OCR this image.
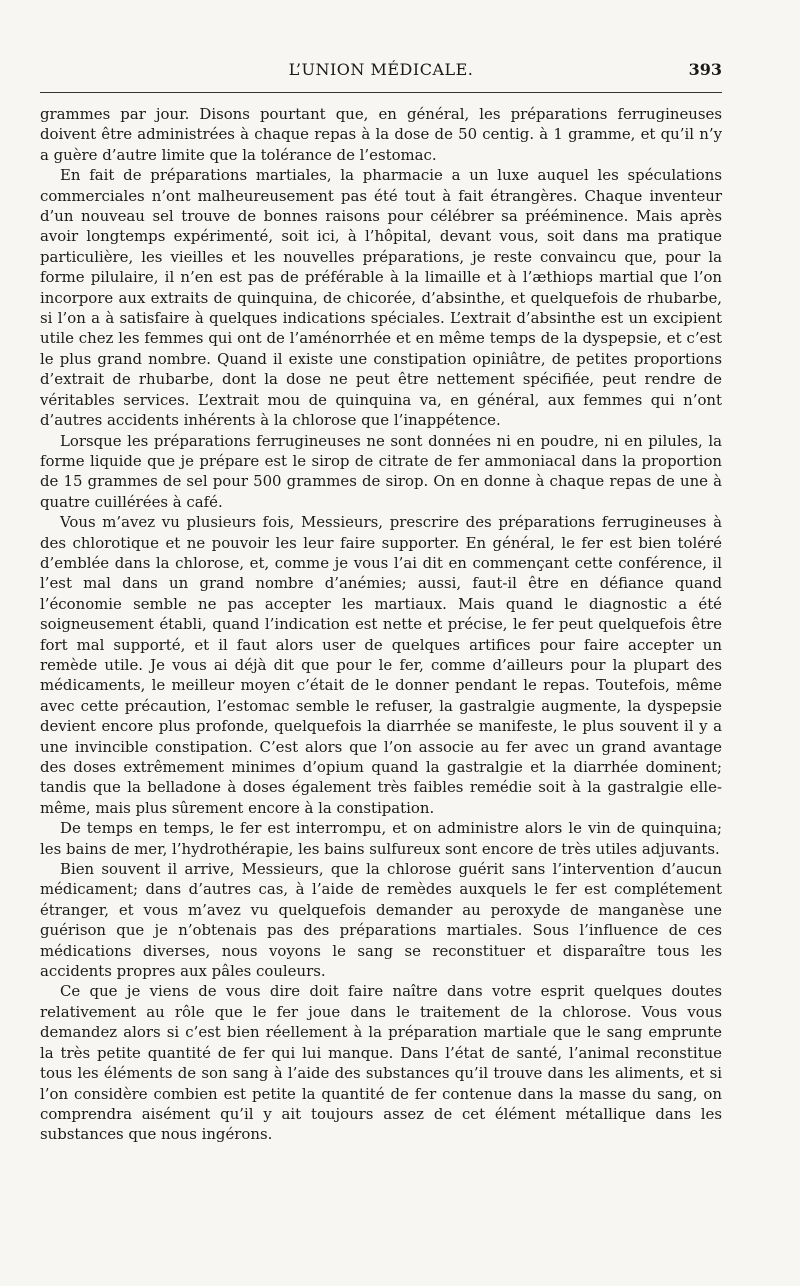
L’UNION MÉDICALE.	393

grammes par jour. Disons pourtant que, en général, les préparations ferrugineuses doivent être administrées à chaque repas à la dose de 50 centig. à 1 gramme, et qu’il n’y a guère d’autre limite que la tolérance de l’estomac.

En fait de préparations martiales, la pharmacie a un luxe auquel les spéculations commerciales n’ont malheureusement pas été tout à fait étrangères. Chaque inventeur d’un nouveau sel trouve de bonnes raisons pour célébrer sa prééminence. Mais après avoir longtemps expérimenté, soit ici, à l’hôpital, devant vous, soit dans ma pratique particulière, les vieilles et les nouvelles préparations, je reste convaincu que, pour la forme pilulaire, il n’en est pas de préférable à la limaille et à l’æthiops martial que l’on incorpore aux extraits de quinquina, de chicorée, d’absinthe, et quelquefois de rhubarbe, si l’on a à satisfaire à quelques indications spéciales. L’extrait d’absinthe est un excipient utile chez les femmes qui ont de l’aménorrhée et en même temps de la dyspepsie, et c’est le plus grand nombre. Quand il existe une constipation opiniâtre, de petites proportions d’extrait de rhubarbe, dont la dose ne peut être nettement spécifiée, peut rendre de véritables services. L’extrait mou de quinquina va, en général, aux femmes qui n’ont d’autres accidents inhérents à la chlorose que l’inappétence.

Lorsque les préparations ferrugineuses ne sont données ni en poudre, ni en pilules, la forme liquide que je prépare est le sirop de citrate de fer ammoniacal dans la proportion de 15 grammes de sel pour 500 grammes de sirop. On en donne à chaque repas de une à quatre cuillérées à café.

Vous m’avez vu plusieurs fois, Messieurs, prescrire des préparations ferrugineuses à des chlorotique et ne pouvoir les leur faire supporter. En général, le fer est bien toléré d’emblée dans la chlorose, et, comme je vous l’ai dit en commençant cette conférence, il l’est mal dans un grand nombre d’anémies; aussi, faut-il être en défiance quand l’économie semble ne pas accepter les martiaux. Mais quand le diagnostic a été soigneusement établi, quand l’indication est nette et précise, le fer peut quelquefois être fort mal supporté, et il faut alors user de quelques artifices pour faire accepter un remède utile. Je vous ai déjà dit que pour le fer, comme d’ailleurs pour la plupart des médicaments, le meilleur moyen c’était de le donner pendant le repas. Toutefois, même avec cette précaution, l’estomac semble le refuser, la gastralgie augmente, la dyspepsie devient encore plus profonde, quelquefois la diarrhée se manifeste, le plus souvent il y a une invincible constipation. C’est alors que l’on associe au fer avec un grand avantage des doses extrêmement minimes d’opium quand la gastralgie et la diarrhée dominent; tandis que la belladone à doses également très faibles remédie soit à la gastralgie elle-même, mais plus sûrement encore à la constipation.

De temps en temps, le fer est interrompu, et on administre alors le vin de quinquina; les bains de mer, l’hydrothérapie, les bains sulfureux sont encore de très utiles adjuvants.

Bien souvent il arrive, Messieurs, que la chlorose guérit sans l’intervention d’aucun médicament; dans d’autres cas, à l’aide de remèdes auxquels le fer est complétement étranger, et vous m’avez vu quelquefois demander au peroxyde de manganèse une guérison que je n’obtenais pas des préparations martiales. Sous l’influence de ces médications diverses, nous voyons le sang se reconstituer et disparaître tous les accidents propres aux pâles couleurs.

Ce que je viens de vous dire doit faire naître dans votre esprit quelques doutes relativement au rôle que le fer joue dans le traitement de la chlorose. Vous vous demandez alors si c’est bien réellement à la préparation martiale que le sang emprunte la très petite quantité de fer qui lui manque. Dans l’état de santé, l’animal reconstitue tous les éléments de son sang à l’aide des substances qu’il trouve dans les aliments, et si l’on considère combien est petite la quantité de fer contenue dans la masse du sang, on comprendra aisément qu’il y ait toujours assez de cet élément métallique dans les substances que nous ingérons.
